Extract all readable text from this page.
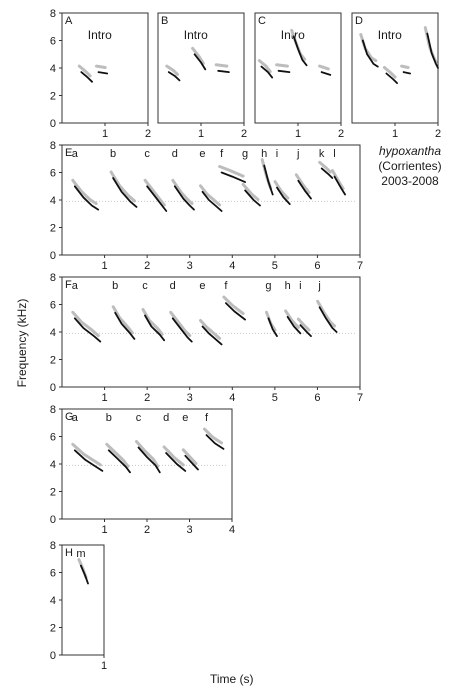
A
0
2
4
6
8
1	2
Intro
B
1	2
Intro
C
1	2
Intro
D
1	2
Intro
E
0
2
4
6
8
1	2	3	4	5	6	7
a	b	c d e f g h i j k l
F
0
2
4
6
8
1	2	3	4	5	6	7
a	b c d e f	g h i j
G
0
2
4
6
8
1	2	3	4
a	b c d e f
H
0
2
4
6
8
1
m
hypoxantha
(Corrientes)
2003-2008
Frequency (kHz)
Time (s)
